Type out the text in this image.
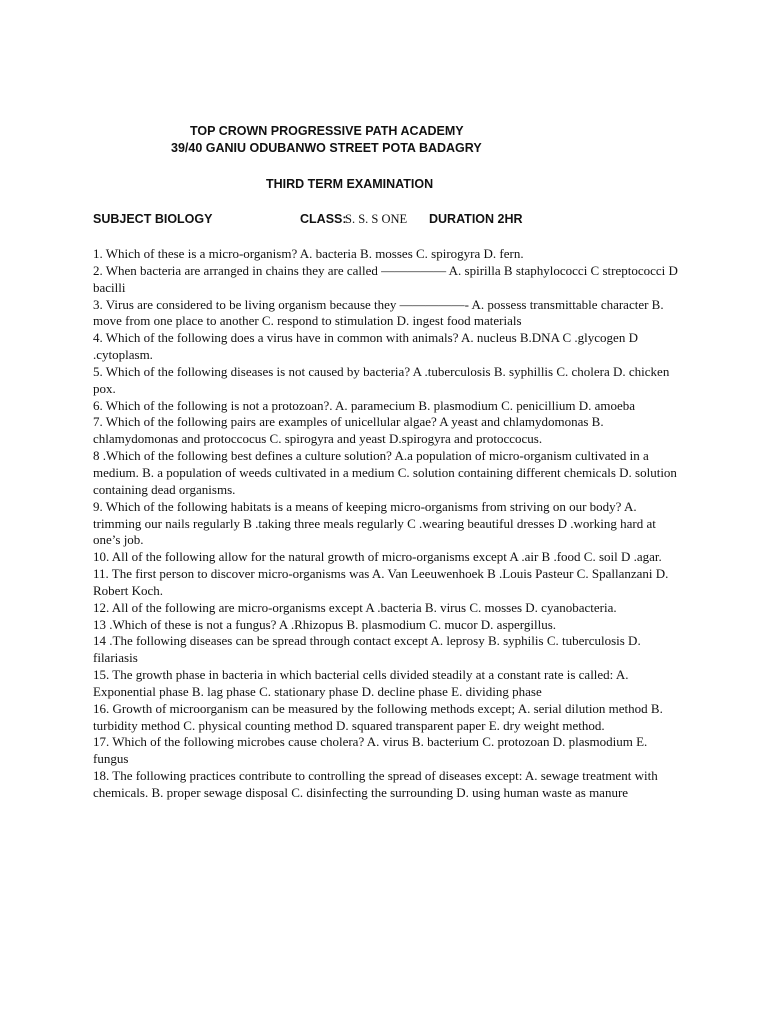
TOP CROWN PROGRESSIVE PATH ACADEMY
39/40 GANIU ODUBANWO STREET POTA BADAGRY
THIRD TERM EXAMINATION
SUBJECT BIOLOGY	CLASS:
S. S. S ONE DURATION 2HR

1. Which of these is a micro-organism? A. bacteria B. mosses C. spirogyra D. fern.

2. When bacteria are arranged in chains they are called ————— A. spirilla B staphylococci C streptococci D bacilli

3. Virus are considered to be living organism because they —————- A. possess transmittable character B. move from one place to another C. respond to stimulation D. ingest food materials

4. Which of the following does a virus have in common with animals? A. nucleus B.DNA C .glycogen D .cytoplasm.

5. Which of the following diseases is not caused by bacteria? A .tuberculosis B. syphillis C. cholera D. chicken pox.

6. Which of the following is not a protozoan?. A. paramecium B. plasmodium C. penicillium D. amoeba

7. Which of the following pairs are examples of unicellular algae? A yeast and chlamydomonas B. chlamydomonas and protoccocus C. spirogyra and yeast D.spirogyra and protoccocus.

8 .Which of the following best defines a culture solution? A.a population of micro-organism cultivated in a medium. B. a population of weeds cultivated in a medium C. solution containing different chemicals D. solution containing dead organisms.

9. Which of the following habitats is a means of keeping micro-organisms from striving on our body? A. trimming our nails regularly B .taking three meals regularly C .wearing beautiful dresses D .working hard at one’s job.

10. All of the following allow for the natural growth of micro-organisms except A .air B .food C. soil D .agar.

11. The first person to discover micro-organisms was A. Van Leeuwenhoek B .Louis Pasteur C. Spallanzani D. Robert Koch.

12. All of the following are micro-organisms except A .bacteria B. virus C. mosses D. cyanobacteria.

13 .Which of these is not a fungus? A .Rhizopus B. plasmodium C. mucor D. aspergillus.

14 .The following diseases can be spread through contact except A. leprosy B. syphilis C. tuberculosis D. filariasis

15. The growth phase in bacteria in which bacterial cells divided steadily at a constant rate is called: A. Exponential phase B. lag phase C. stationary phase D. decline phase E. dividing phase

16. Growth of microorganism can be measured by the following methods except; A. serial dilution method B. turbidity method C. physical counting method D. squared transparent paper E. dry weight method.

17. Which of the following microbes cause cholera? A. virus B. bacterium C. protozoan D. plasmodium E. fungus

18. The following practices contribute to controlling the spread of diseases except: A. sewage treatment with chemicals. B. proper sewage disposal C. disinfecting the surrounding D. using human waste as manure
